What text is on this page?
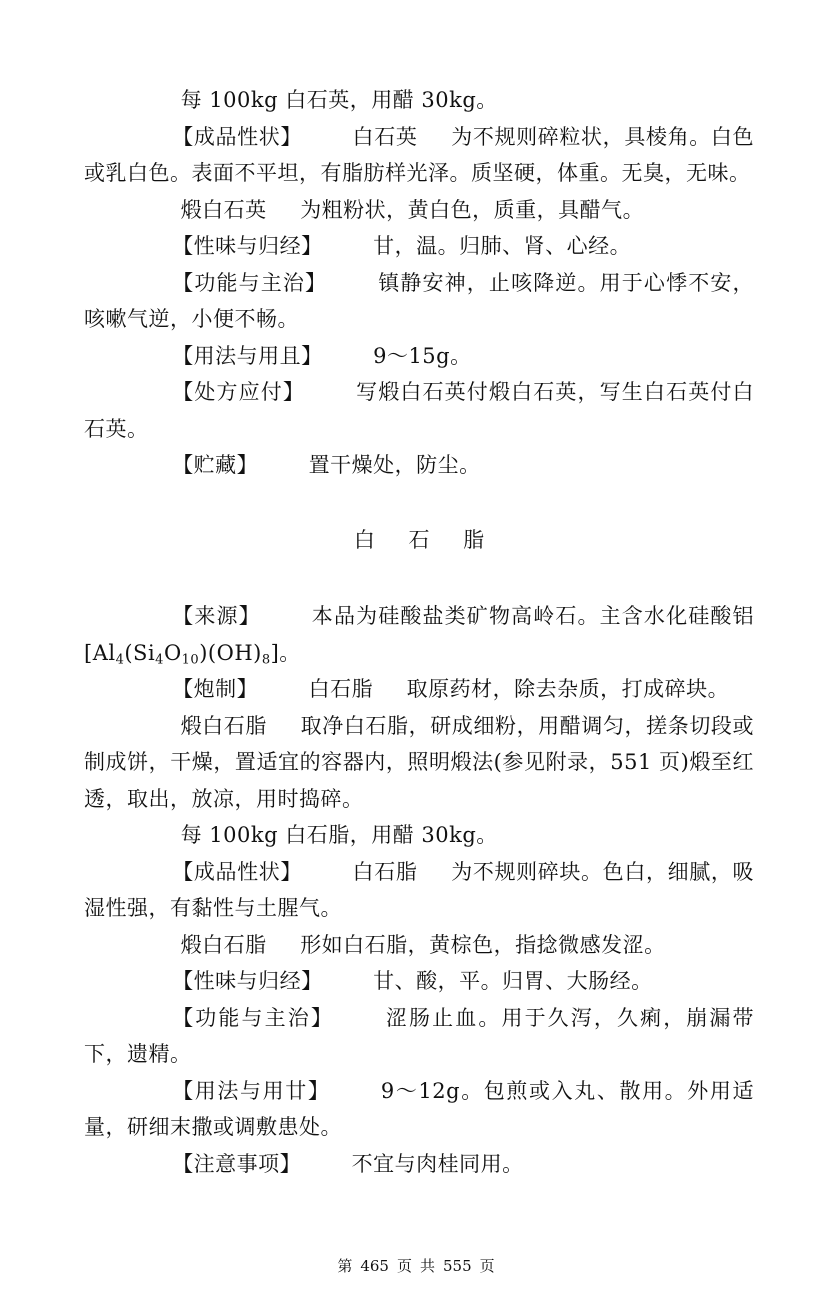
每 100kg 白石英，用醋 30kg。

【成品性状】 白石英 为不规则碎粒状，具棱角。白色或乳白色。表面不平坦，有脂肪样光泽。质坚硬，体重。无臭，无味。

煅白石英 为粗粉状，黄白色，质重，具醋气。

【性味与归经】 甘，温。归肺、肾、心经。

【功能与主治】 镇静安神，止咳降逆。用于心悸不安，咳嗽气逆，小便不畅。

【用法与用且】 9～15g。

【处方应付】 写煅白石英付煅白石英，写生白石英付白石英。

【贮藏】 置干燥处，防尘。

白石脂

【来源】 本品为硅酸盐类矿物高岭石。主含水化硅酸铝$[Al_4(Si_4O_{10})(OH)_8]$。

【炮制】 白石脂 取原药材，除去杂质，打成碎块。

煅白石脂 取净白石脂，研成细粉，用醋调匀，搓条切段或制成饼，干燥，置适宜的容器内，照明煅法(参见附录，551 页)煅至红透，取出，放凉，用时捣碎。

每 100kg 白石脂，用醋 30kg。

【成品性状】 白石脂 为不规则碎块。色白，细腻，吸湿性强，有黏性与土腥气。

煅白石脂 形如白石脂，黄棕色，指捻微感发涩。

【性味与归经】 甘、酸，平。归胃、大肠经。

【功能与主治】 涩肠止血。用于久泻，久痢，崩漏带下，遗精。

【用法与用廿】 9～12g。包煎或入丸、散用。外用适量，研细末撒或调敷患处。

【注意事项】 不宜与肉桂同用。

第 465 页 共 555 页
